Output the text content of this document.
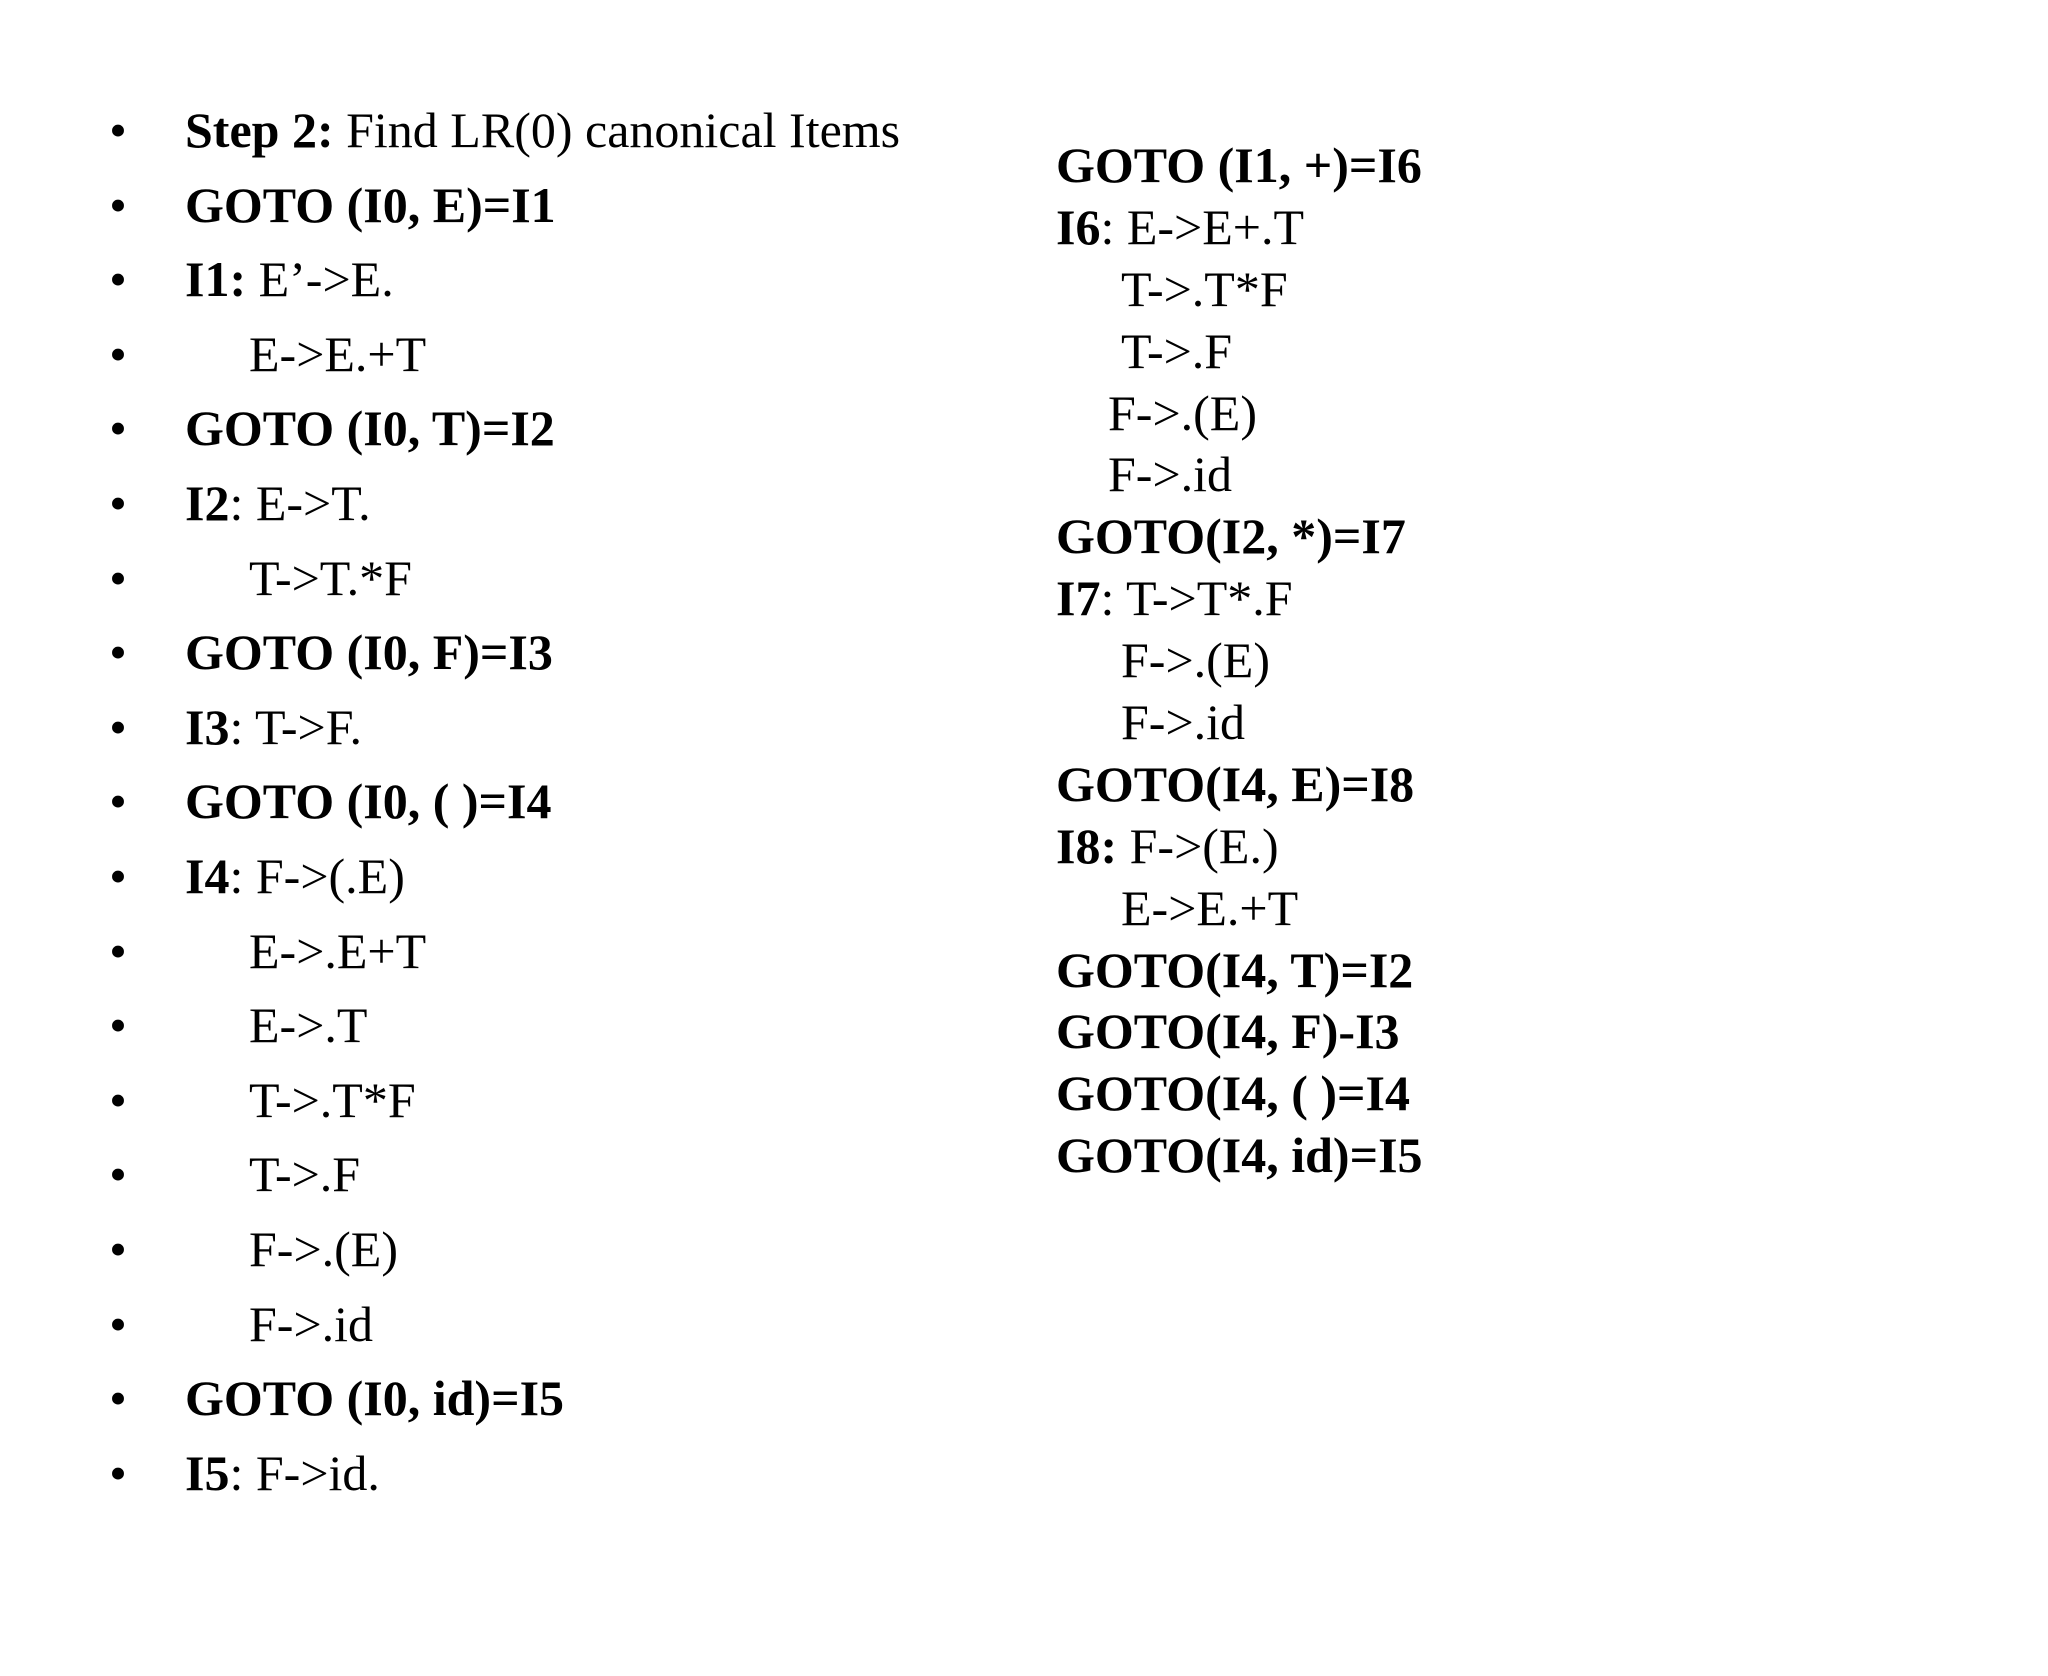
•

Step 2: Find LR(0) canonical Items

•

GOTO (I0, E)=I1

•

I1: E’->E.

•

E->E.+T

•

GOTO (I0, T)=I2

•

I2: E->T.

•

T->T.*F

•

GOTO (I0, F)=I3

•

I3: T->F.

•

GOTO (I0, ( )=I4

•

I4: F->(.E)

•

E->.E+T

•

E->.T

•

T->.T*F

•

T->.F

•

F->.(E)

•

F->.id

•

GOTO (I0, id)=I5

•

I5: F->id.

GOTO (I1, +)=I6
I6: E->E+.T
T->.T*F
T->.F
F->.(E)
F->.id
GOTO(I2, *)=I7
I7: T->T*.F
F->.(E)
F->.id
GOTO(I4, E)=I8
I8: F->(E.)
E->E.+T
GOTO(I4, T)=I2
GOTO(I4, F)-I3
GOTO(I4, ( )=I4
GOTO(I4, id)=I5
